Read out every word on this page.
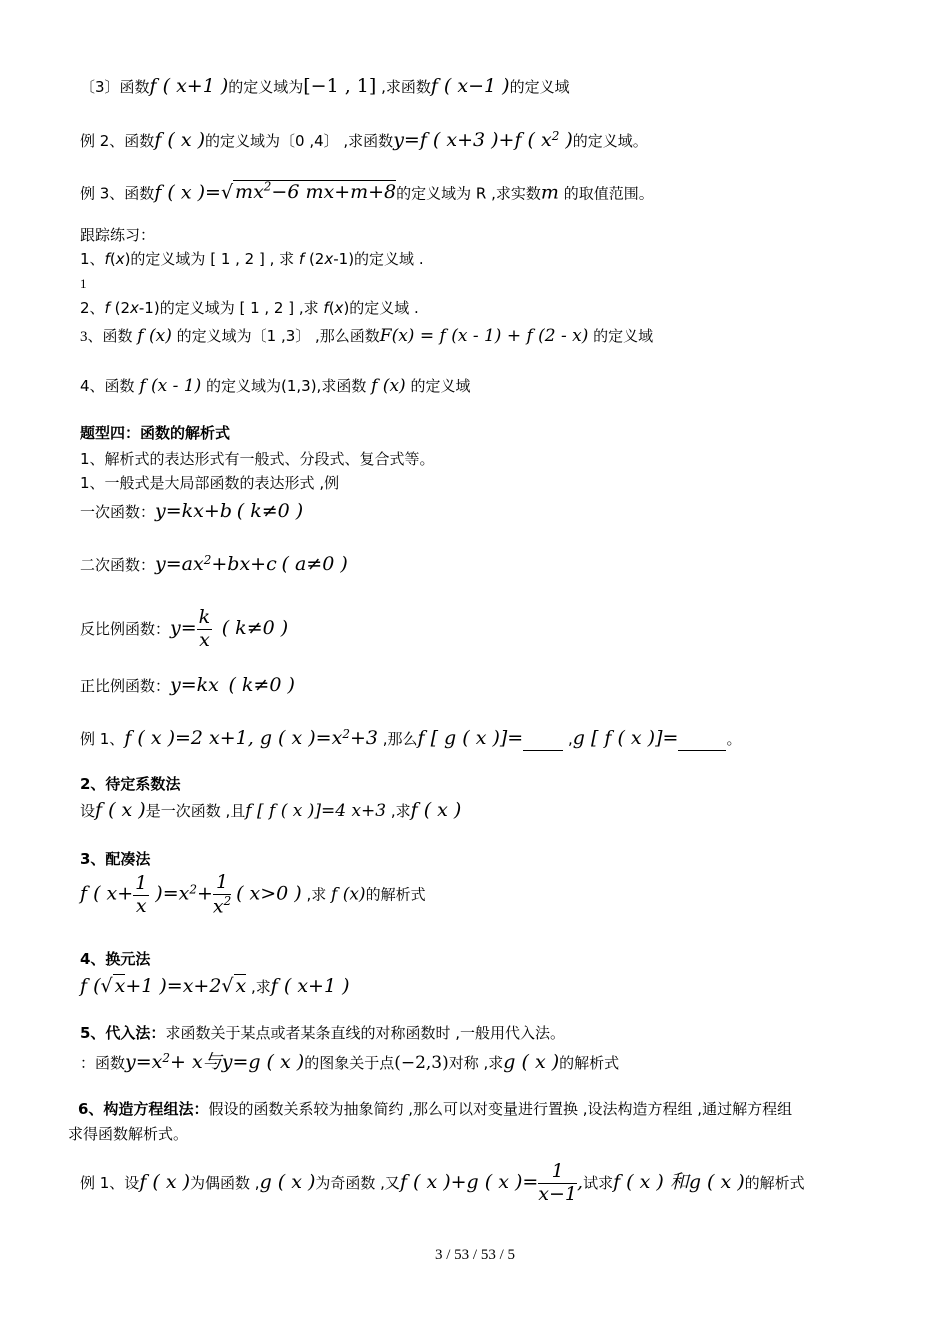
〔3〕函数f ( x+1 )的定义域为[−1 , 1] ,求函数f ( x−1 )的定义域
例 2、函数f ( x )的定义域为〔0 ,4〕 ,求函数y=f ( x+3 )+f ( $x^2$ )的定义域。
例 3、函数f ( x )=√ $mx^2-6$ mx+m+8的定义域为 R ,求实数m 的取值范围。
跟踪练习：
1、f(x)的定义域为 [ 1 , 2 ] , 求 f (2x-1)的定义域 .
1
2、f (2x-1)的定义域为 [ 1 , 2 ] ,求 f(x)的定义域 .
3、函数 f (x) 的定义域为〔1 ,3〕 ,那么函数F(x) = f (x - 1) + f (2 - x) 的定义域
4、函数 f (x - 1) 的定义域为(1,3),求函数 f (x) 的定义域
题型四：函数的解析式
1、解析式的表达形式有一般式、分段式、复合式等。
1、一般式是大局部函数的表达形式 ,例
一次函数：y=kx+b ( k≠0 )
二次函数：$y=ax^2+bx+c$ ( a≠0 )
反比例函数：$y= \frac{k}{x}$ ( k≠0 )
正比例函数：y=kx ( k≠0 )
例 1、f ( x )=2 x+1, g ( x )$=x^2+3$ ,那么f [ g ( x )]=	,g [ f ( x )]=	。
2、待定系数法
设f ( x )是一次函数 ,且f [ f ( x )]=4 x+3 ,求f ( x )
3、配凑法
f ( $x+ \frac{1}{x} )=x^2+ \frac{1}{x^2}$ ( x>0 ) ,求 f (x)的解析式
4、换元法
f (√ x+1 )=x+2√ x ,求f ( x+1 )
5、代入法：求函数关于某点或者某条直线的对称函数时 ,一般用代入法。
：函数$y=x^2+ x$与y=g ( x )的图象关于点(−2,3)对称 ,求g ( x )的解析式
6、构造方程组法：假设的函数关系较为抽象简约 ,那么可以对变量进行置换 ,设法构造方程组 ,通过解方程组
求得函数解析式。
例 1、设f ( x )为偶函数 ,g ( x )为奇函数 ,又f ( x )+g ( x )= $\frac{1}{x-1}$ ,试求f ( x ) 和g ( x )的解析式
3 / 53 / 53 / 5
